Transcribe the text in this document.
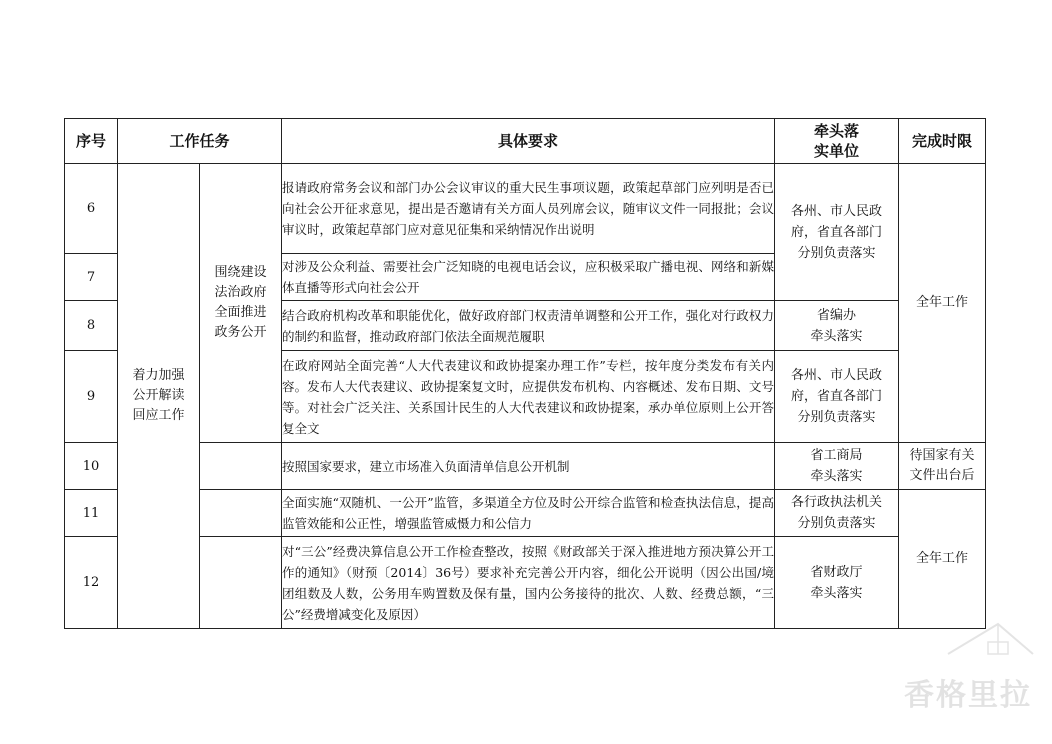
序号	工作任务		具体要求	牵头落
实单位	完成时限
6	着力加强
公开解读
回应工作	围绕建设
法治政府
全面推进
政务公开	报请政府常务会议和部门办公会议审议的重大民生事项议题，政策起草部门应列明是否已向社会公开征求意见，提出是否邀请有关方面人员列席会议，随审议文件一同报批；会议审议时，政策起草部门应对意见征集和采纳情况作出说明	各州、市人民政
府，省直各部门
分别负责落实	全年工作
7			对涉及公众利益、需要社会广泛知晓的电视电话会议，应积极采取广播电视、网络和新媒体直播等形式向社会公开		
8			结合政府机构改革和职能优化，做好政府部门权责清单调整和公开工作，强化对行政权力的制约和监督，推动政府部门依法全面规范履职	省编办
牵头落实	
9			在政府网站全面完善“人大代表建议和政协提案办理工作”专栏，按年度分类发布有关内容。发布人大代表建议、政协提案复文时，应提供发布机构、内容概述、发布日期、文号等。对社会广泛关注、关系国计民生的人大代表建议和政协提案，承办单位原则上公开答复全文	各州、市人民政
府，省直各部门
分别负责落实	
10			按照国家要求，建立市场准入负面清单信息公开机制	省工商局
牵头落实	待国家有关
文件出台后
11			全面实施“双随机、一公开”监管，多渠道全方位及时公开综合监管和检查执法信息，提高监管效能和公正性，增强监管威慑力和公信力	各行政执法机关
分别负责落实	全年工作
12			对“三公”经费决算信息公开工作检查整改，按照《财政部关于深入推进地方预决算公开工作的通知》（财预〔2014〕36号）要求补充完善公开内容，细化公开说明（因公出国/境团组数及人数，公务用车购置数及保有量，国内公务接待的批次、人数、经费总额，“三公”经费增减变化及原因）	省财政厅
牵头落实	
香格里拉
